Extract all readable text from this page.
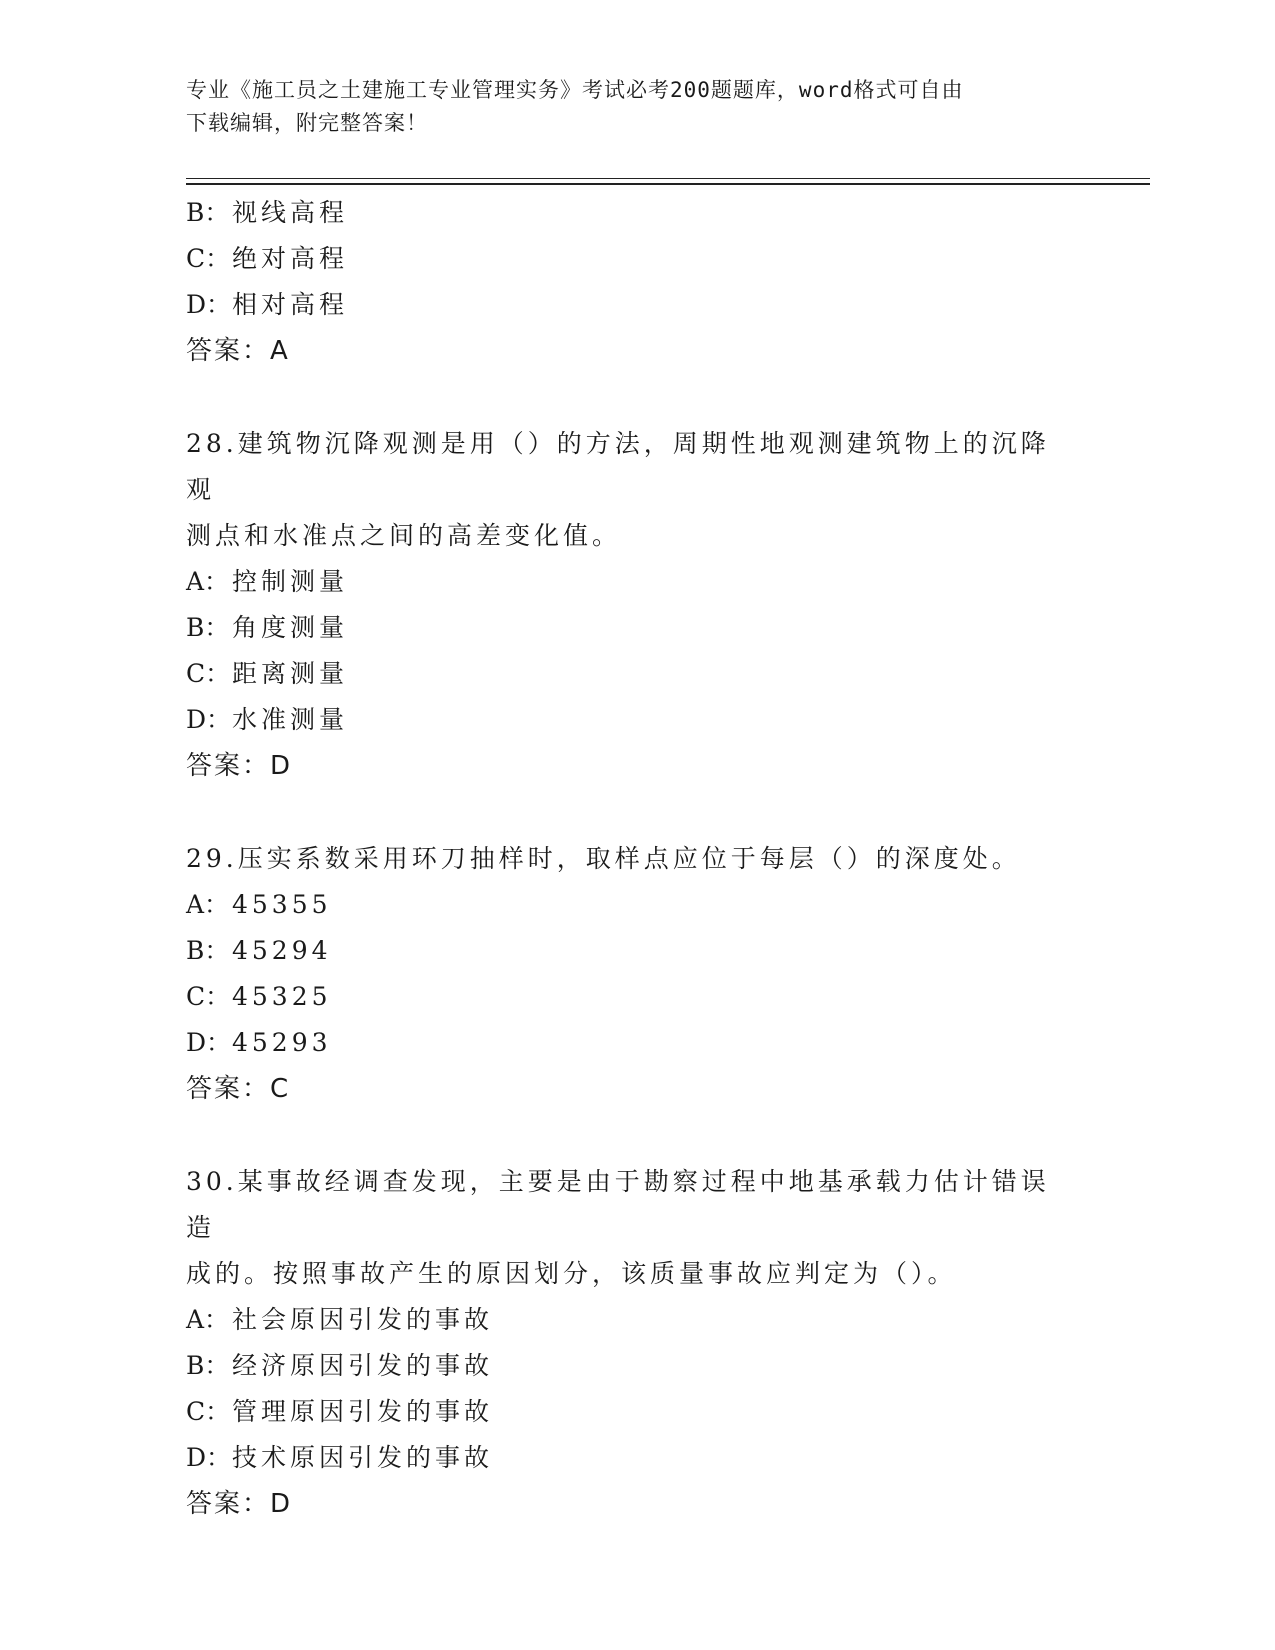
专业《施工员之土建施工专业管理实务》考试必考200题题库，word格式可自由
下载编辑，附完整答案！
B： 视线高程
C：绝对高程
D：相对高程
答案：A
28.建筑物沉降观测是用（）的方法，周期性地观测建筑物上的沉降观
测点和水准点之间的高差变化值。
A： 控制测量
B： 角度测量
C：距离测量
D：水准测量
答案：D
29.压实系数采用环刀抽样时，取样点应位于每层（）的深度处。
A： 45355
B： 45294
C：45325
D：45293
答案：C
30.某事故经调查发现，主要是由于勘察过程中地基承载力估计错误造
成的。按照事故产生的原因划分，该质量事故应判定为（）。
A： 社会原因引发的事故
B： 经济原因引发的事故
C：管理原因引发的事故
D：技术原因引发的事故
答案：D
